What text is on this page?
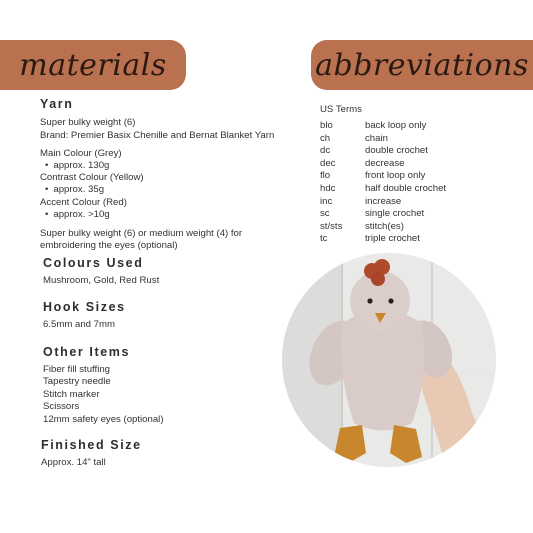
materials	abbreviations
Yarn
Super bulky weight (6)
Brand: Premier Basix Chenille and Bernat Blanket Yarn
Main Colour (Grey)
• approx. 130g
Contrast Colour (Yellow)
• approx. 35g
Accent Colour (Red)
• approx. >10g
Super bulky weight (6) or medium weight (4) for
embroidering the eyes (optional)
Colours Used
Mushroom, Gold, Red Rust
Hook Sizes
6.5mm and 7mm
Other Items
Fiber fill stuffing
Tapestry needle
Stitch marker
Scissors
12mm safety eyes (optional)
Finished Size
Approx. 14" tall
US Terms
blo	back loop only
ch	chain
dc	double crochet
dec	decrease
flo	front loop only
hdc	half double crochet
inc	increase
sc	single crochet
st/sts	stitch(es)
tc	triple crochet
